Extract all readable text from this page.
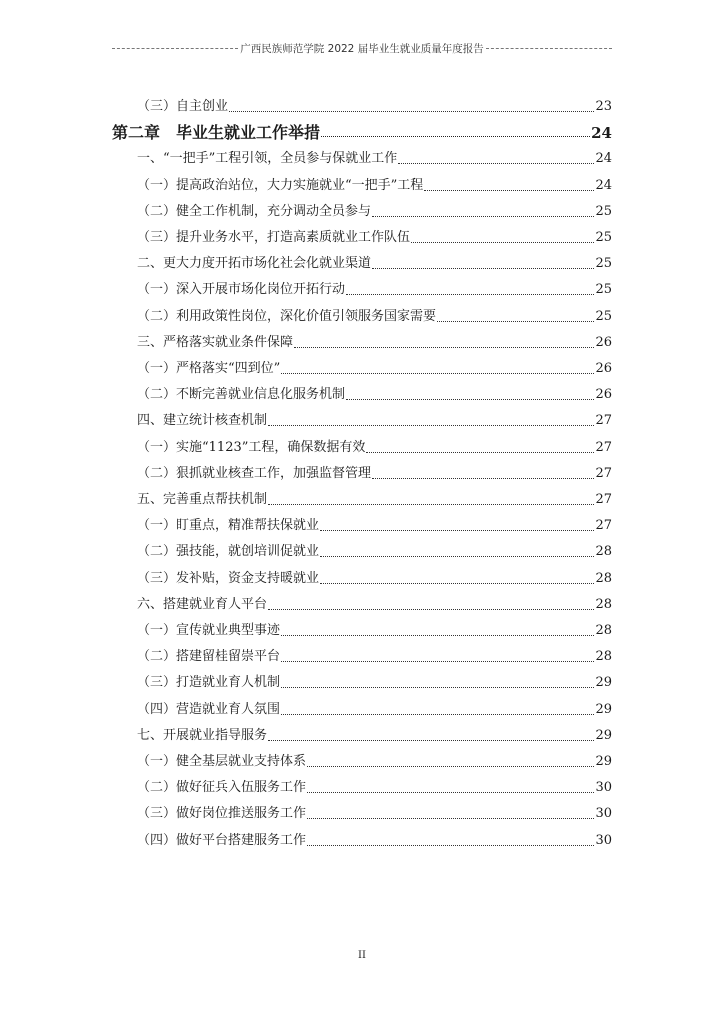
广西民族师范学院 2022 届毕业生就业质量年度报告
（三）自主创业	23
第二章　毕业生就业工作举措	24
一、“一把手”工程引领，全员参与保就业工作	24
（一）提高政治站位，大力实施就业“一把手”工程	24
（二）健全工作机制，充分调动全员参与	25
（三）提升业务水平，打造高素质就业工作队伍	25
二、更大力度开拓市场化社会化就业渠道	25
（一）深入开展市场化岗位开拓行动	25
（二）利用政策性岗位，深化价值引领服务国家需要	25
三、严格落实就业条件保障	26
（一）严格落实“四到位”	26
（二）不断完善就业信息化服务机制	26
四、建立统计核查机制	27
（一）实施“1123”工程，确保数据有效	27
（二）狠抓就业核查工作，加强监督管理	27
五、完善重点帮扶机制	27
（一）盯重点，精准帮扶保就业	27
（二）强技能，就创培训促就业	28
（三）发补贴，资金支持暖就业	28
六、搭建就业育人平台	28
（一）宣传就业典型事迹	28
（二）搭建留桂留崇平台	28
（三）打造就业育人机制	29
（四）营造就业育人氛围	29
七、开展就业指导服务	29
（一）健全基层就业支持体系	29
（二）做好征兵入伍服务工作	30
（三）做好岗位推送服务工作	30
（四）做好平台搭建服务工作	30
II
